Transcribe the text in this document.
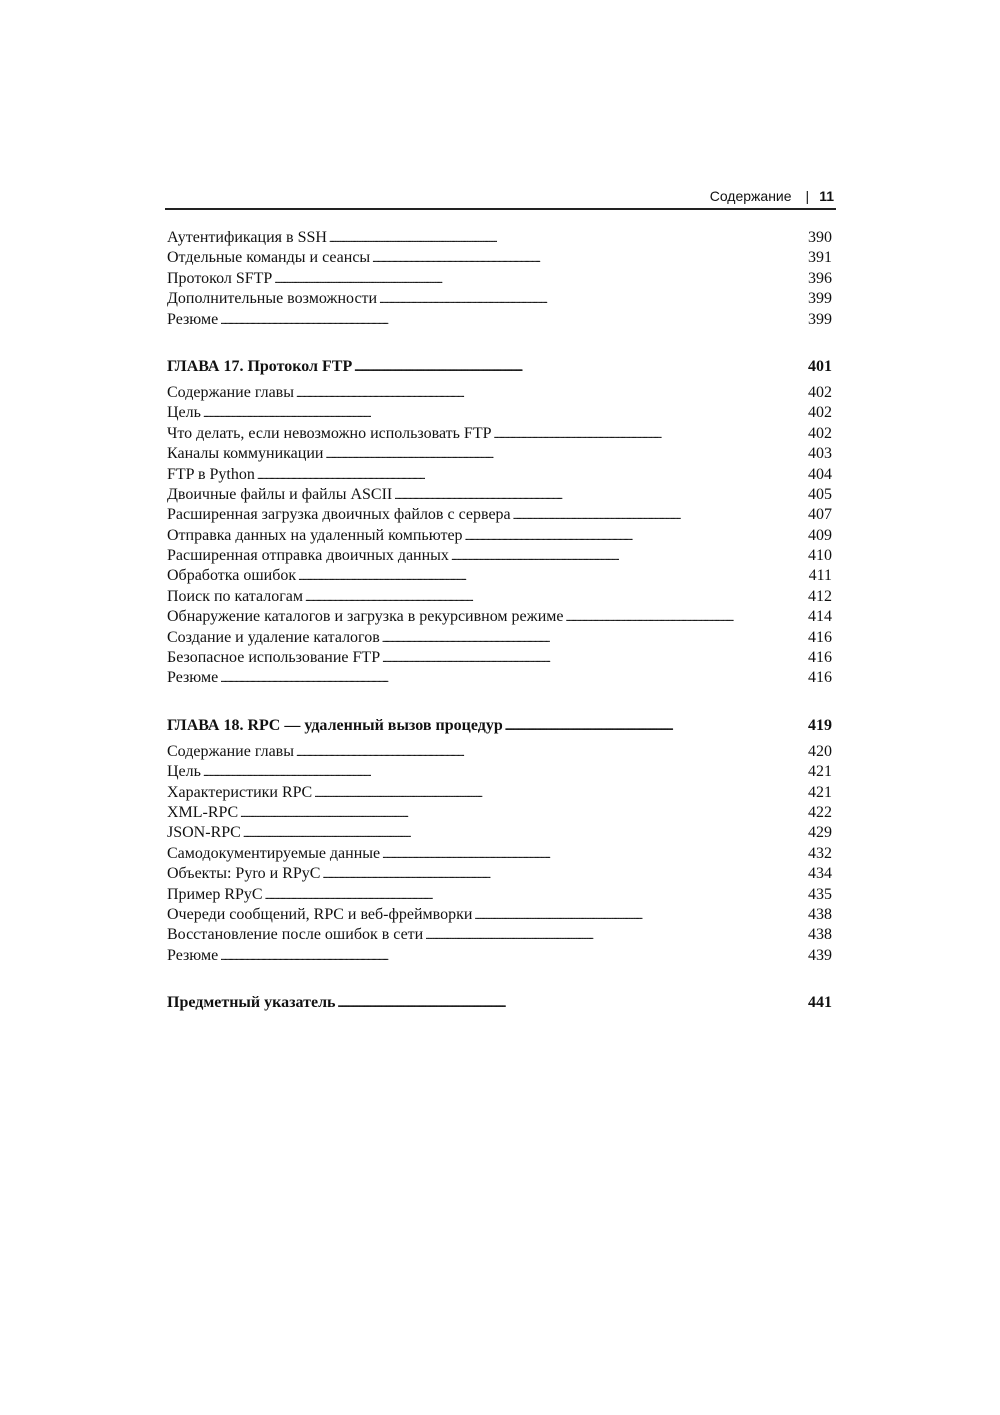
Содержание | 11
Аутентификация в SSH . . .	390
Отдельные команды и сеансы . . .	391
Протокол SFTP . . .	396
Дополнительные возможности . . .	399
Резюме . . .	399
ГЛАВА 17. Протокол FTP . . .	401
Содержание главы . . .	402
Цель . . .	402
Что делать, если невозможно использовать FTP . . .	402
Каналы коммуникации . . .	403
FTP в Python . . .	404
Двоичные файлы и файлы ASCII . . .	405
Расширенная загрузка двоичных файлов с сервера . . .	407
Отправка данных на удаленный компьютер . . .	409
Расширенная отправка двоичных данных . . .	410
Обработка ошибок . . .	411
Поиск по каталогам . . .	412
Обнаружение каталогов и загрузка в рекурсивном режиме . . .	414
Создание и удаление каталогов . . .	416
Безопасное использование FTP . . .	416
Резюме . . .	416
ГЛАВА 18. RPC — удаленный вызов процедур . . .	419
Содержание главы . . .	420
Цель . . .	421
Характеристики RPC . . .	421
XML-RPC . . .	422
JSON-RPC . . .	429
Самодокументируемые данные . . .	432
Объекты: Pyro и RPyC . . .	434
Пример RPyC . . .	435
Очереди сообщений, RPC и веб-фреймворки . . .	438
Восстановление после ошибок в сети . . .	438
Резюме . . .	439
Предметный указатель . . .	441
